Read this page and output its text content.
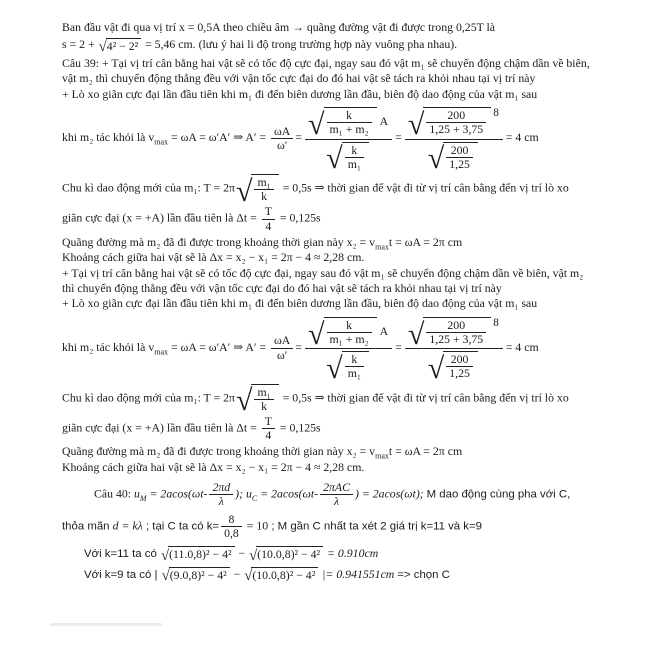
Ban đầu vật đi qua vị trí x = 0,5A theo chiều âm → quãng đường vật đi được trong 0,25T là

s = 2 + √ 4² − 2² = 5,46 cm. (lưu ý hai li độ trong trường hợp này vuông pha nhau).

Câu 39: + Tại vị trí cân bằng hai vật sẽ có tốc độ cực đại, ngay sau đó vật m₁ sẽ chuyển động chậm dần về biên, vật m₂ thì chuyển động thẳng đều với vận tốc cực đại do đó hai vật sẽ tách ra khỏi nhau tại vị trí này

+ Lò xo giãn cực đại lần đầu tiên khi m₁ đi đến biên dương lần đầu, biên độ dao động của vật m₁ sau

khi m₂ tác khỏi là $v_{max} = \omega A = \omega'A'$ ⇒ $A' = \frac{\omega A}{\omega'} = \frac{√ \frac{k}{\text{m₁ + m₂}} A}{√ \frac{k}{\text{m₁}}} = \frac{√ \frac{200}{1,25 + 3,75} 8}{√ \frac{200}{1,25}} = 4$ cm
Chu kì dao động mới của m₁: T = 2π √ $\frac{\text{m₁}}{k} = 0,5s$ ⇒ thời gian để vật đi từ vị trí cân bằng đến vị trí lò xo
giãn cực đại (x = +A) lần đầu tiên là $\Delta t = \frac{T}{4} = 0,125s$

Quãng đường mà m₂ đã đi được trong khoảng thời gian này $x_2 = v_{max}t = \omega A = 2\pi$ cm

Khoảng cách giữa hai vật sẽ là Δx = x₂ − x₁ = 2π − 4 ≈ 2,28 cm.

+ Tại vị trí cân bằng hai vật sẽ có tốc độ cực đại, ngay sau đó vật m₁ sẽ chuyển động chậm dần về biên, vật m₂ thì chuyển động thẳng đều với vận tốc cực đại do đó hai vật sẽ tách ra khỏi nhau tại vị trí này

+ Lò xo giãn cực đại lần đầu tiên khi m₁ đi đến biên dương lần đầu, biên độ dao động của vật m₁ sau

khi m₂ tác khỏi là $v_{max} = \omega A = \omega'A'$ ⇒ $A' = \frac{\omega A}{\omega'} = \frac{√ \frac{k}{\text{m₁ + m₂}} A}{√ \frac{k}{\text{m₁}}} = \frac{√ \frac{200}{1,25 + 3,75} 8}{√ \frac{200}{1,25}} = 4$ cm
Chu kì dao động mới của m₁: T = 2π √ $\frac{\text{m₁}}{k} = 0,5s$ ⇒ thời gian để vật đi từ vị trí cân bằng đến vị trí lò xo
giãn cực đại (x = +A) lần đầu tiên là $\Delta t = \frac{T}{4} = 0,125s$

Quãng đường mà m₂ đã đi được trong khoảng thời gian này $x_2 = v_{max}t = \omega A = 2\pi$ cm

Khoảng cách giữa hai vật sẽ là Δx = x₂ − x₁ = 2π − 4 ≈ 2,28 cm.

Câu 40: $u_M = 2acos(\omega t- \frac{2\pi d}{\lambda}$ ); $u_C = 2acos(\omega t- \frac{\text{2πAC}}{\lambda}$ ) = 2acos(ωt); M dao động cùng pha với C,
thỏa mãn d = kλ ; tại C ta có $k= \frac{8}{0,8} = 10$ ; M gần C nhất ta xét 2 giá trị k=11 và k=9
Với k=11 ta có √ (11.0,8)² − 4² − √ (10.0,8)² − 4² = 0.910cm
Với k=9 ta có | √ (9.0,8)² − 4² − √ (10.0,8)² − 4² |= 0.941551cm => chọn C
